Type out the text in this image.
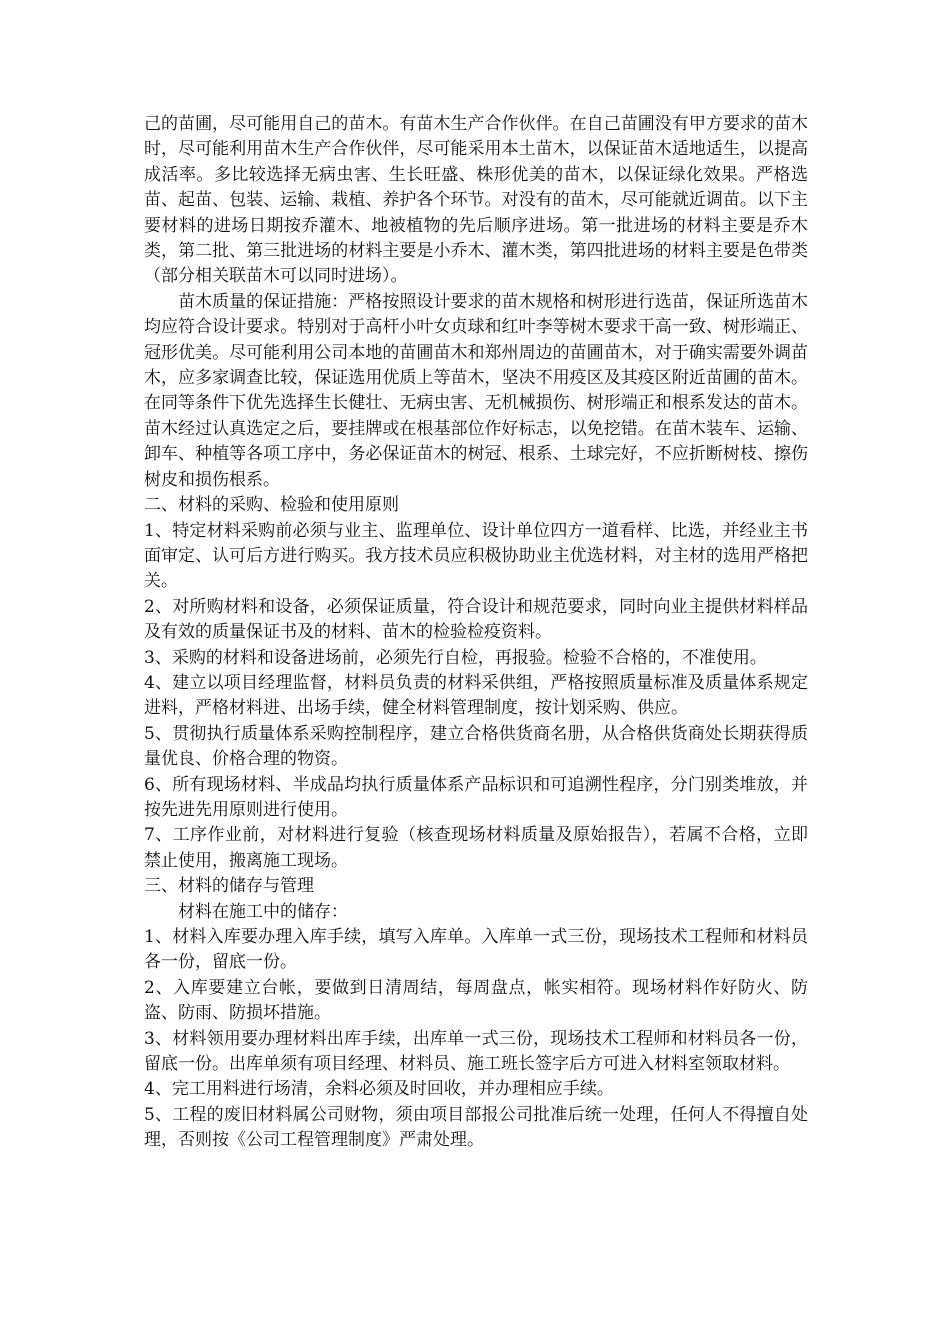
己的苗圃，尽可能用自己的苗木。有苗木生产合作伙伴。在自己苗圃没有甲方要求的苗木时，尽可能利用苗木生产合作伙伴，尽可能采用本土苗木，以保证苗木适地适生，以提高成活率。多比较选择无病虫害、生长旺盛、株形优美的苗木，以保证绿化效果。严格选苗、起苗、包装、运输、栽植、养护各个环节。对没有的苗木，尽可能就近调苗。以下主要材料的进场日期按乔灌木、地被植物的先后顺序进场。第一批进场的材料主要是乔木类，第二批、第三批进场的材料主要是小乔木、灌木类，第四批进场的材料主要是色带类（部分相关联苗木可以同时进场）。

苗木质量的保证措施：严格按照设计要求的苗木规格和树形进行选苗，保证所选苗木均应符合设计要求。特别对于高杆小叶女贞球和红叶李等树木要求干高一致、树形端正、冠形优美。尽可能利用公司本地的苗圃苗木和郑州周边的苗圃苗木，对于确实需要外调苗木，应多家调查比较，保证选用优质上等苗木，坚决不用疫区及其疫区附近苗圃的苗木。在同等条件下优先选择生长健壮、无病虫害、无机械损伤、树形端正和根系发达的苗木。苗木经过认真选定之后，要挂牌或在根基部位作好标志，以免挖错。在苗木装车、运输、卸车、种植等各项工序中，务必保证苗木的树冠、根系、土球完好，不应折断树枝、擦伤树皮和损伤根系。

二、材料的采购、检验和使用原则

1、特定材料采购前必须与业主、监理单位、设计单位四方一道看样、比选，并经业主书面审定、认可后方进行购买。我方技术员应积极协助业主优选材料，对主材的选用严格把关。

2、对所购材料和设备，必须保证质量，符合设计和规范要求，同时向业主提供材料样品及有效的质量保证书及的材料、苗木的检验检疫资料。

3、采购的材料和设备进场前，必须先行自检，再报验。检验不合格的，不准使用。

4、建立以项目经理监督，材料员负责的材料采供组，严格按照质量标准及质量体系规定进料，严格材料进、出场手续，健全材料管理制度，按计划采购、供应。

5、贯彻执行质量体系采购控制程序，建立合格供货商名册，从合格供货商处长期获得质量优良、价格合理的物资。

6、所有现场材料、半成品均执行质量体系产品标识和可追溯性程序，分门别类堆放，并按先进先用原则进行使用。

7、工序作业前，对材料进行复验（核查现场材料质量及原始报告），若属不合格，立即禁止使用，搬离施工现场。

三、材料的储存与管理

材料在施工中的储存：

1、材料入库要办理入库手续，填写入库单。入库单一式三份，现场技术工程师和材料员各一份，留底一份。

2、入库要建立台帐，要做到日清周结，每周盘点，帐实相符。现场材料作好防火、防盗、防雨、防损坏措施。

3、材料领用要办理材料出库手续，出库单一式三份，现场技术工程师和材料员各一份，留底一份。出库单须有项目经理、材料员、施工班长签字后方可进入材料室领取材料。

4、完工用料进行场清，余料必须及时回收，并办理相应手续。

5、工程的废旧材料属公司财物，须由项目部报公司批准后统一处理，任何人不得擅自处理，否则按《公司工程管理制度》严肃处理。
